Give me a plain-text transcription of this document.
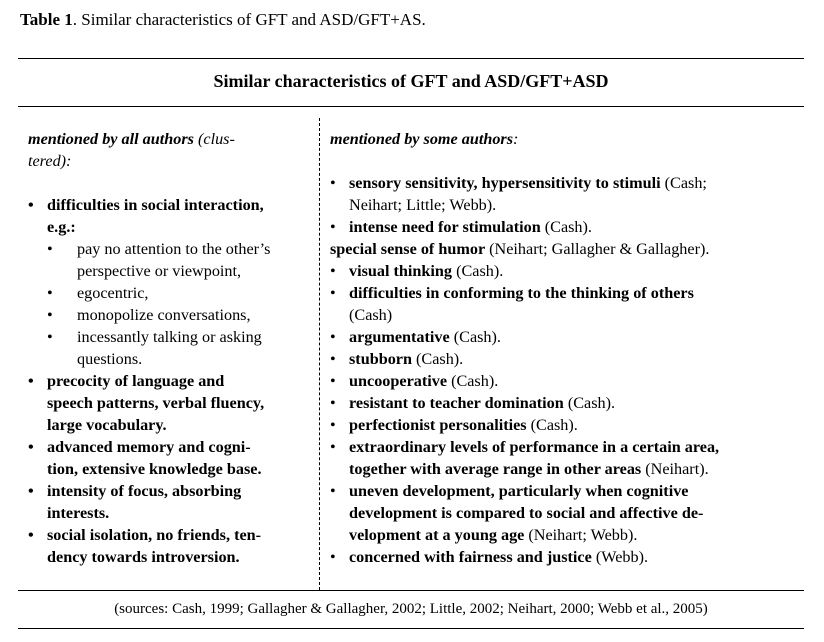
Table 1. Similar characteristics of GFT and ASD/GFT+AS.
Similar characteristics of GFT and ASD/GFT+ASD
mentioned by all authors (clus-
tered):
• difficulties in social interaction,
e.g.:
• pay no attention to the other’s
perspective or viewpoint,
• egocentric,
• monopolize conversations,
• incessantly talking or asking
questions.
• precocity of language and
speech patterns, verbal fluency,
large vocabulary.
• advanced memory and cogni-
tion, extensive knowledge base.
• intensity of focus, absorbing
interests.
• social isolation, no friends, ten-
dency towards introversion.
mentioned by some authors:
• sensory sensitivity, hypersensitivity to stimuli (Cash;
Neihart; Little; Webb).
• intense need for stimulation (Cash).
special sense of humor (Neihart; Gallagher & Gallagher).
• visual thinking (Cash).
• difficulties in conforming to the thinking of others
(Cash)
• argumentative (Cash).
• stubborn (Cash).
• uncooperative (Cash).
• resistant to teacher domination (Cash).
• perfectionist personalities (Cash).
• extraordinary levels of performance in a certain area,
together with average range in other areas (Neihart).
• uneven development, particularly when cognitive
development is compared to social and affective de-
velopment at a young age (Neihart; Webb).
• concerned with fairness and justice (Webb).
(sources: Cash, 1999; Gallagher & Gallagher, 2002; Little, 2002; Neihart, 2000; Webb et al., 2005)
